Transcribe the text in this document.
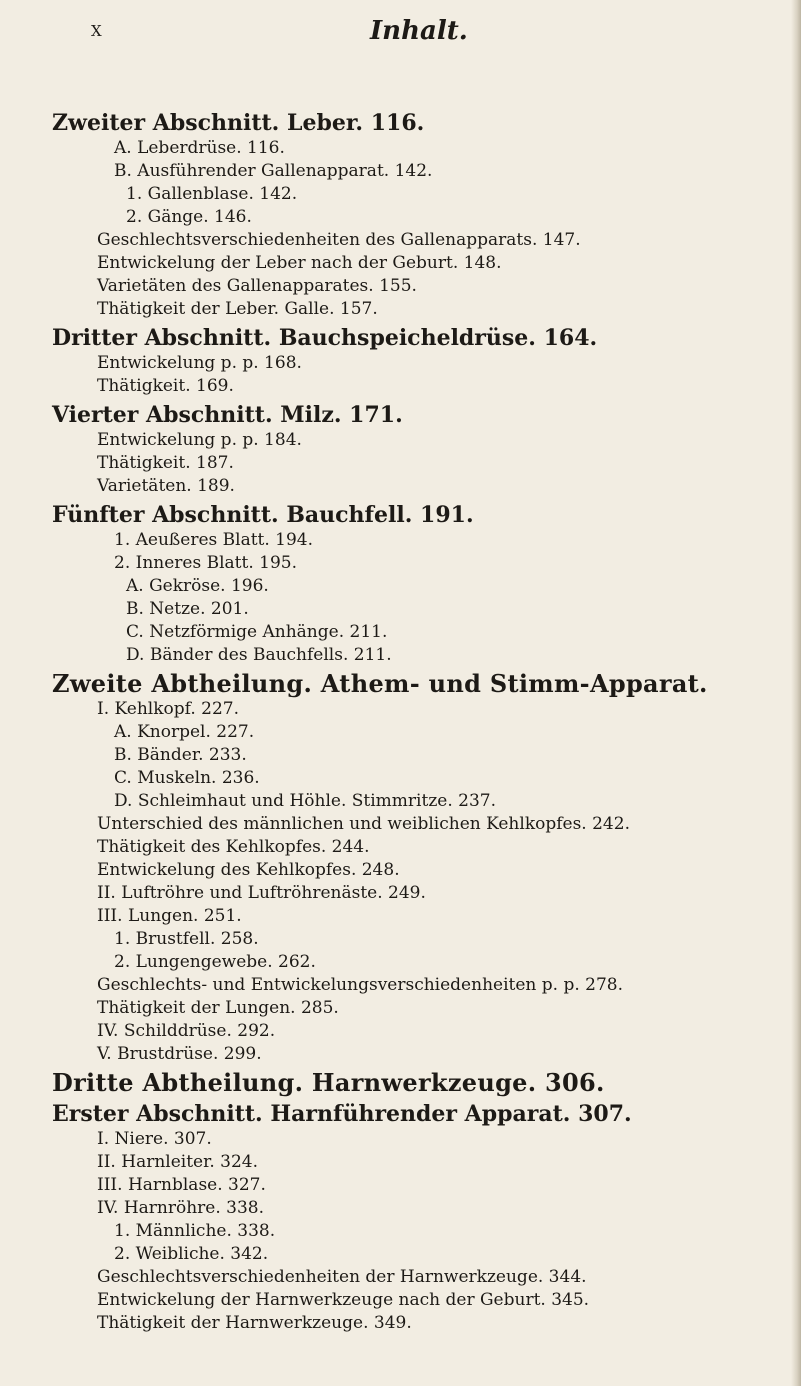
X	Inhalt.
Zweiter Abschnitt. Leber. 116.
A. Leberdrüse. 116.
B. Ausführender Gallenapparat. 142.
1. Gallenblase. 142.
2. Gänge. 146.
Geschlechtsverschiedenheiten des Gallenapparats. 147.
Entwickelung der Leber nach der Geburt. 148.
Varietäten des Gallenapparates. 155.
Thätigkeit der Leber. Galle. 157.
Dritter Abschnitt. Bauchspeicheldrüse. 164.
Entwickelung p. p. 168.
Thätigkeit. 169.
Vierter Abschnitt. Milz. 171.
Entwickelung p. p. 184.
Thätigkeit. 187.
Varietäten. 189.
Fünfter Abschnitt. Bauchfell. 191.
1. Aeußeres Blatt. 194.
2. Inneres Blatt. 195.
A. Gekröse. 196.
B. Netze. 201.
C. Netzförmige Anhänge. 211.
D. Bänder des Bauchfells. 211.
Zweite Abtheilung. Athem- und Stimm-Apparat.
I. Kehlkopf. 227.
A. Knorpel. 227.
B. Bänder. 233.
C. Muskeln. 236.
D. Schleimhaut und Höhle. Stimmritze. 237.
Unterschied des männlichen und weiblichen Kehlkopfes. 242.
Thätigkeit des Kehlkopfes. 244.
Entwickelung des Kehlkopfes. 248.
II. Luftröhre und Luftröhrenäste. 249.
III. Lungen. 251.
1. Brustfell. 258.
2. Lungengewebe. 262.
Geschlechts- und Entwickelungsverschiedenheiten p. p. 278.
Thätigkeit der Lungen. 285.
IV. Schilddrüse. 292.
V. Brustdrüse. 299.
Dritte Abtheilung. Harnwerkzeuge. 306.
Erster Abschnitt. Harnführender Apparat. 307.
I. Niere. 307.
II. Harnleiter. 324.
III. Harnblase. 327.
IV. Harnröhre. 338.
1. Männliche. 338.
2. Weibliche. 342.
Geschlechtsverschiedenheiten der Harnwerkzeuge. 344.
Entwickelung der Harnwerkzeuge nach der Geburt. 345.
Thätigkeit der Harnwerkzeuge. 349.
